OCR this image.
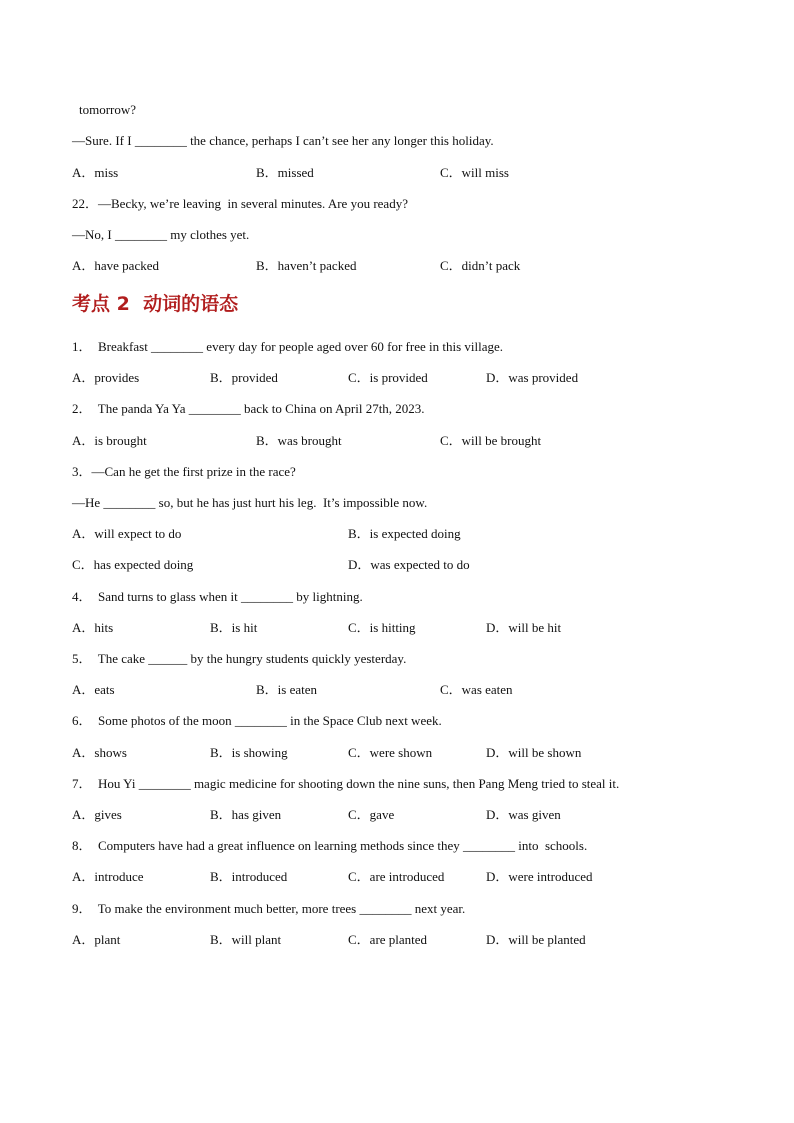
tomorrow?
—Sure. If I ________ the chance, perhaps I can’t see her any longer this holiday.
A．miss	B．missed	C．will miss
22．—Becky, we’re leaving  in several minutes. Are you ready?
—No, I ________ my clothes yet.
A．have packed	B．haven’t packed	C．didn’t pack
考点 2  动词的语态
1．  Breakfast ________ every day for people aged over 60 for free in this village.
A．provides	B．provided	C．is provided	D．was provided
2．  The panda Ya Ya ________ back to China on April 27th, 2023.
A．is brought	B．was brought	C．will be brought
3．—Can he get the first prize in the race?
—He ________ so, but he has just hurt his leg.  It’s impossible now.
A．will expect to do	B．is expected doing
C．has expected doing	D．was expected to do
4．  Sand turns to glass when it ________ by lightning.
A．hits	B．is hit	C．is hitting	D．will be hit
5．  The cake ______ by the hungry students quickly yesterday.
A．eats	B．is eaten	C．was eaten
6．  Some photos of the moon ________ in the Space Club next week.
A．shows	B．is showing	C．were shown	D．will be shown
7．  Hou Yi ________ magic medicine for shooting down the nine suns, then Pang Meng tried to steal it.
A．gives	B．has given	C．gave	D．was given
8．  Computers have had a great influence on learning methods since they ________ into  schools.
A．introduce	B．introduced	C．are introduced	D．were introduced
9．  To make the environment much better, more trees ________ next year.
A．plant	B．will plant	C．are planted	D．will be planted
